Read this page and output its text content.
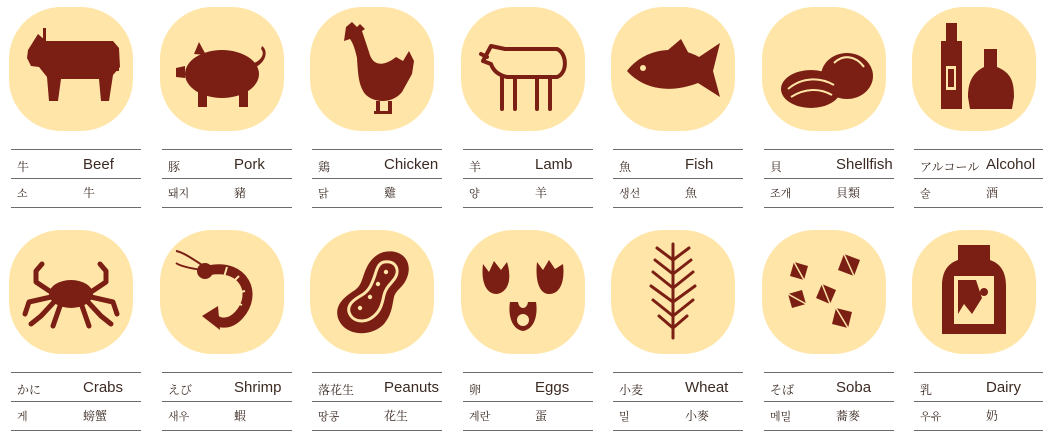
牛	Beef
소	牛
豚	Pork
돼지	豬
鶏	Chicken
닭	雞
羊	Lamb
양	羊
魚	Fish
생선	魚
貝	Shellfish
조개	貝類
アルコール Alcohol
술	酒
かに	Crabs
게	螃蟹
えび	Shrimp
새우	蝦
落花生 Peanuts
땅콩	花生
卵	Eggs
계란	蛋
小麦	Wheat
밀	小麥
そば	Soba
메밀	蕎麥
乳	Dairy
우유	奶
